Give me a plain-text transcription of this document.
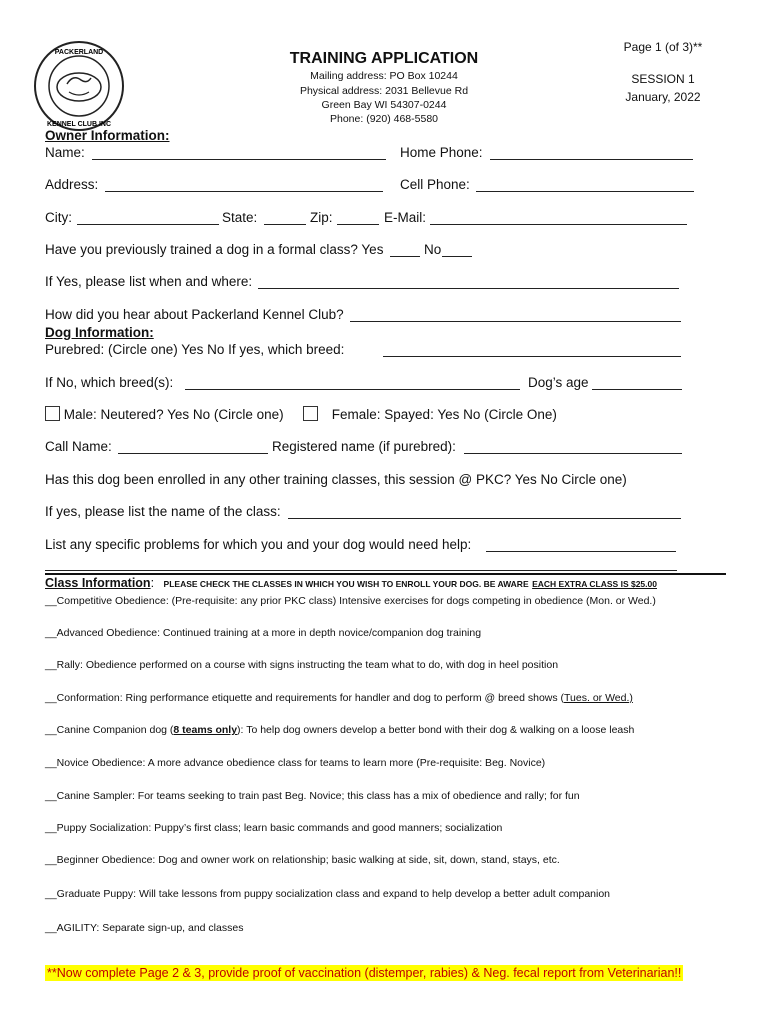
PACKERLAND
KENNEL CLUB INC
TRAINING APPLICATION
Mailing address: PO Box 10244
Physical address: 2031 Bellevue Rd
Green Bay WI 54307-0244
Phone: (920) 468-5580
Page 1 (of 3)**
SESSION 1
January, 2022
Owner Information:
Name:	Home Phone:
Address:	Cell Phone:
City:	State:	Zip:	E-Mail:
Have you previously trained a dog in a formal class? Yes	No
If Yes, please list when and where:
How did you hear about Packerland Kennel Club?
Dog Information:
Purebred: (Circle one) Yes No If yes, which breed:
If No, which breed(s):	Dog’s age
Male: Neutered? Yes No (Circle one)	Female: Spayed: Yes No (Circle One)
Call Name:	Registered name (if purebred):
Has this dog been enrolled in any other training classes, this session @ PKC? Yes No Circle one)
If yes, please list the name of the class:
List any specific problems for which you and your dog would need help:
Class Information: PLEASE CHECK THE CLASSES IN WHICH YOU WISH TO ENROLL YOUR DOG. BE AWARE EACH EXTRA CLASS IS $25.00
__Competitive Obedience: (Pre-requisite: any prior PKC class) Intensive exercises for dogs competing in obedience (Mon. or Wed.)
__Advanced Obedience: Continued training at a more in depth novice/companion dog training
__Rally: Obedience performed on a course with signs instructing the team what to do, with dog in heel position
__Conformation: Ring performance etiquette and requirements for handler and dog to perform @ breed shows (Tues. or Wed.)
__Canine Companion dog (8 teams only): To help dog owners develop a better bond with their dog & walking on a loose leash
__Novice Obedience: A more advance obedience class for teams to learn more (Pre-requisite: Beg. Novice)
__Canine Sampler: For teams seeking to train past Beg. Novice; this class has a mix of obedience and rally; for fun
__Puppy Socialization: Puppy’s first class; learn basic commands and good manners; socialization
__Beginner Obedience: Dog and owner work on relationship; basic walking at side, sit, down, stand, stays, etc.
__Graduate Puppy: Will take lessons from puppy socialization class and expand to help develop a better adult companion
__AGILITY: Separate sign-up, and classes
**Now complete Page 2 & 3, provide proof of vaccination (distemper, rabies) & Neg. fecal report from Veterinarian!!
